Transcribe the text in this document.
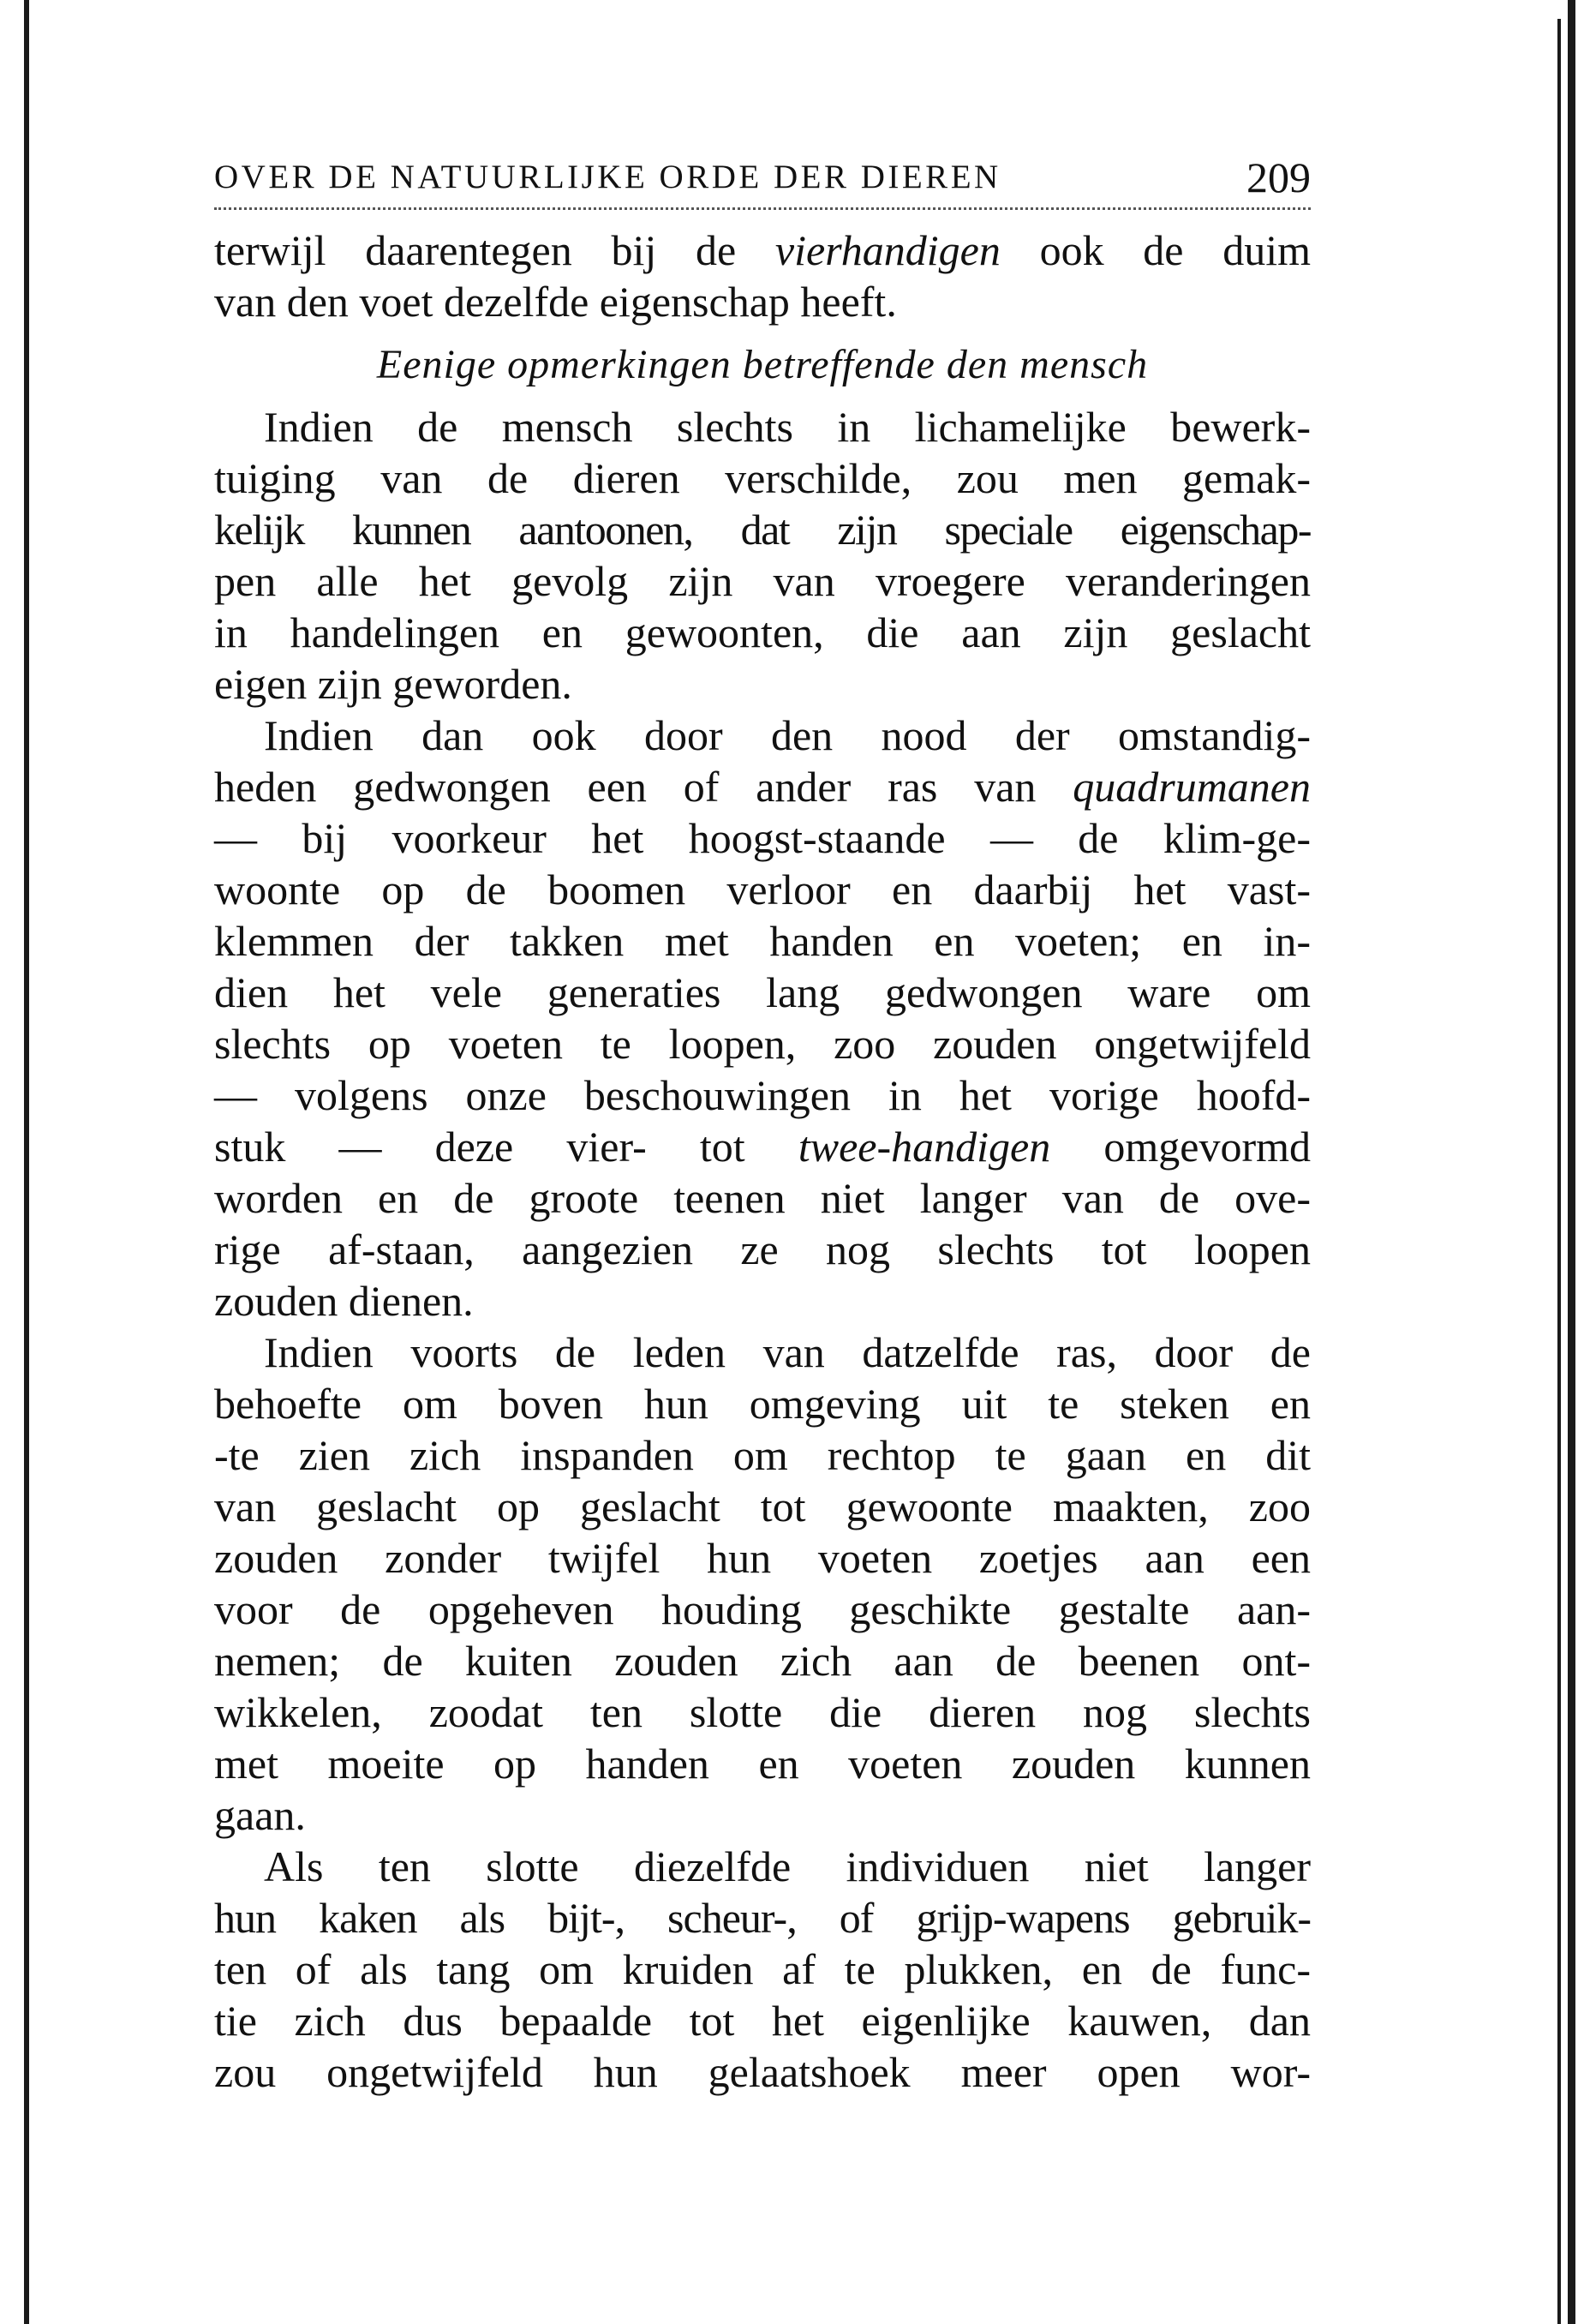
OVER DE NATUURLIJKE ORDE DER DIEREN	209
terwijl daarentegen bij de vierhandigen ook de duim
van den voet dezelfde eigenschap heeft.
Eenige opmerkingen betreffende den mensch
Indien de mensch slechts in lichamelijke bewerk-
tuiging van de dieren verschilde, zou men gemak-
kelijk kunnen aantoonen, dat zijn speciale eigenschap-
pen alle het gevolg zijn van vroegere veranderingen
in handelingen en gewoonten, die aan zijn geslacht
eigen zijn geworden.
Indien dan ook door den nood der omstandig-
heden gedwongen een of ander ras van quadrumanen
— bij voorkeur het hoogst-staande — de klim-ge-
woonte op de boomen verloor en daarbij het vast-
klemmen der takken met handen en voeten; en in-
dien het vele generaties lang gedwongen ware om
slechts op voeten te loopen, zoo zouden ongetwijfeld
— volgens onze beschouwingen in het vorige hoofd-
stuk — deze vier- tot twee-handigen omgevormd
worden en de groote teenen niet langer van de ove-
rige af-staan, aangezien ze nog slechts tot loopen
zouden dienen.
Indien voorts de leden van datzelfde ras, door de
behoefte om boven hun omgeving uit te steken en
-te zien zich inspanden om rechtop te gaan en dit
van geslacht op geslacht tot gewoonte maakten, zoo
zouden zonder twijfel hun voeten zoetjes aan een
voor de opgeheven houding geschikte gestalte aan-
nemen; de kuiten zouden zich aan de beenen ont-
wikkelen, zoodat ten slotte die dieren nog slechts
met moeite op handen en voeten zouden kunnen
gaan.
Als ten slotte diezelfde individuen niet langer
hun kaken als bijt-, scheur-, of grijp-wapens gebruik-
ten of als tang om kruiden af te plukken, en de func-
tie zich dus bepaalde tot het eigenlijke kauwen, dan
zou ongetwijfeld hun gelaatshoek meer open wor-
